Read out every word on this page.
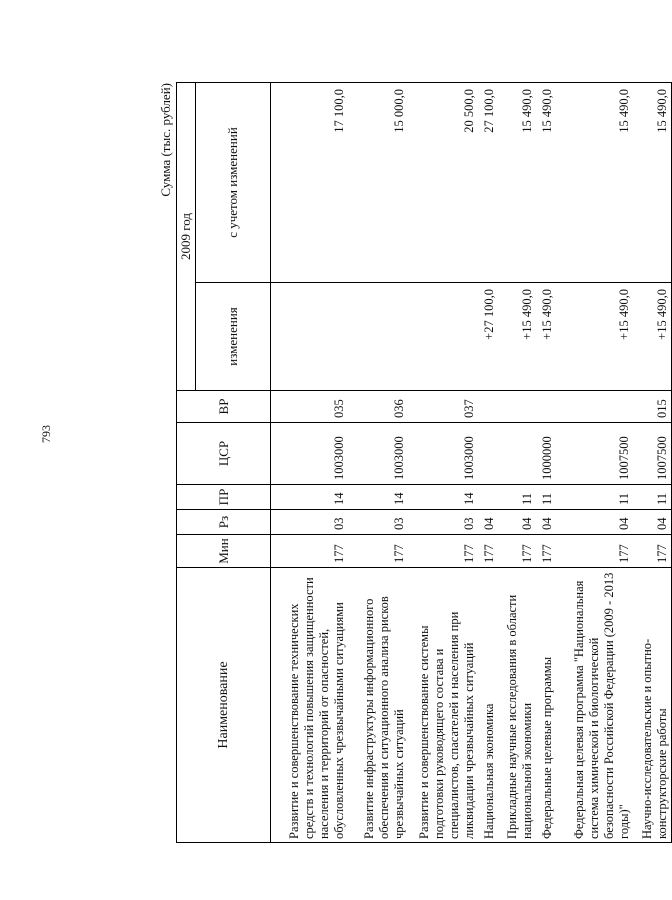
793
Сумма (тыс. рублей)
Наименование	Мин	Рз	ПР	ЦСР	ВР	2009 год	
						изменения	с учетом изменений
Развитие и совершенствование технических средств и технологий повышения защищенности населения и территорий от опасностей, обусловленных чрезвычайными ситуациями	177	03	14	1003000	035		17 100,0
Развитие инфраструктуры информационного обеспечения и ситуационного анализа рисков чрезвычайных ситуаций	177	03	14	1003000	036		15 000,0
Развитие и совершенствование системы подготовки руководящего состава и специалистов, спасателей и населения при ликвидации чрезвычайных ситуаций	177	03	14	1003000	037		20 500,0
Национальная экономика	177	04				+27 100,0	27 100,0
Прикладные научные исследования в области национальной экономики	177	04	11			+15 490,0	15 490,0
Федеральные целевые программы	177	04	11	1000000		+15 490,0	15 490,0
Федеральная целевая программа "Национальная система химической и биологической безопасности Российской Федерации (2009 - 2013 годы)"	177	04	11	1007500		+15 490,0	15 490,0
Научно-исследовательские и опытно-конструкторские работы	177	04	11	1007500	015	+15 490,0	15 490,0
